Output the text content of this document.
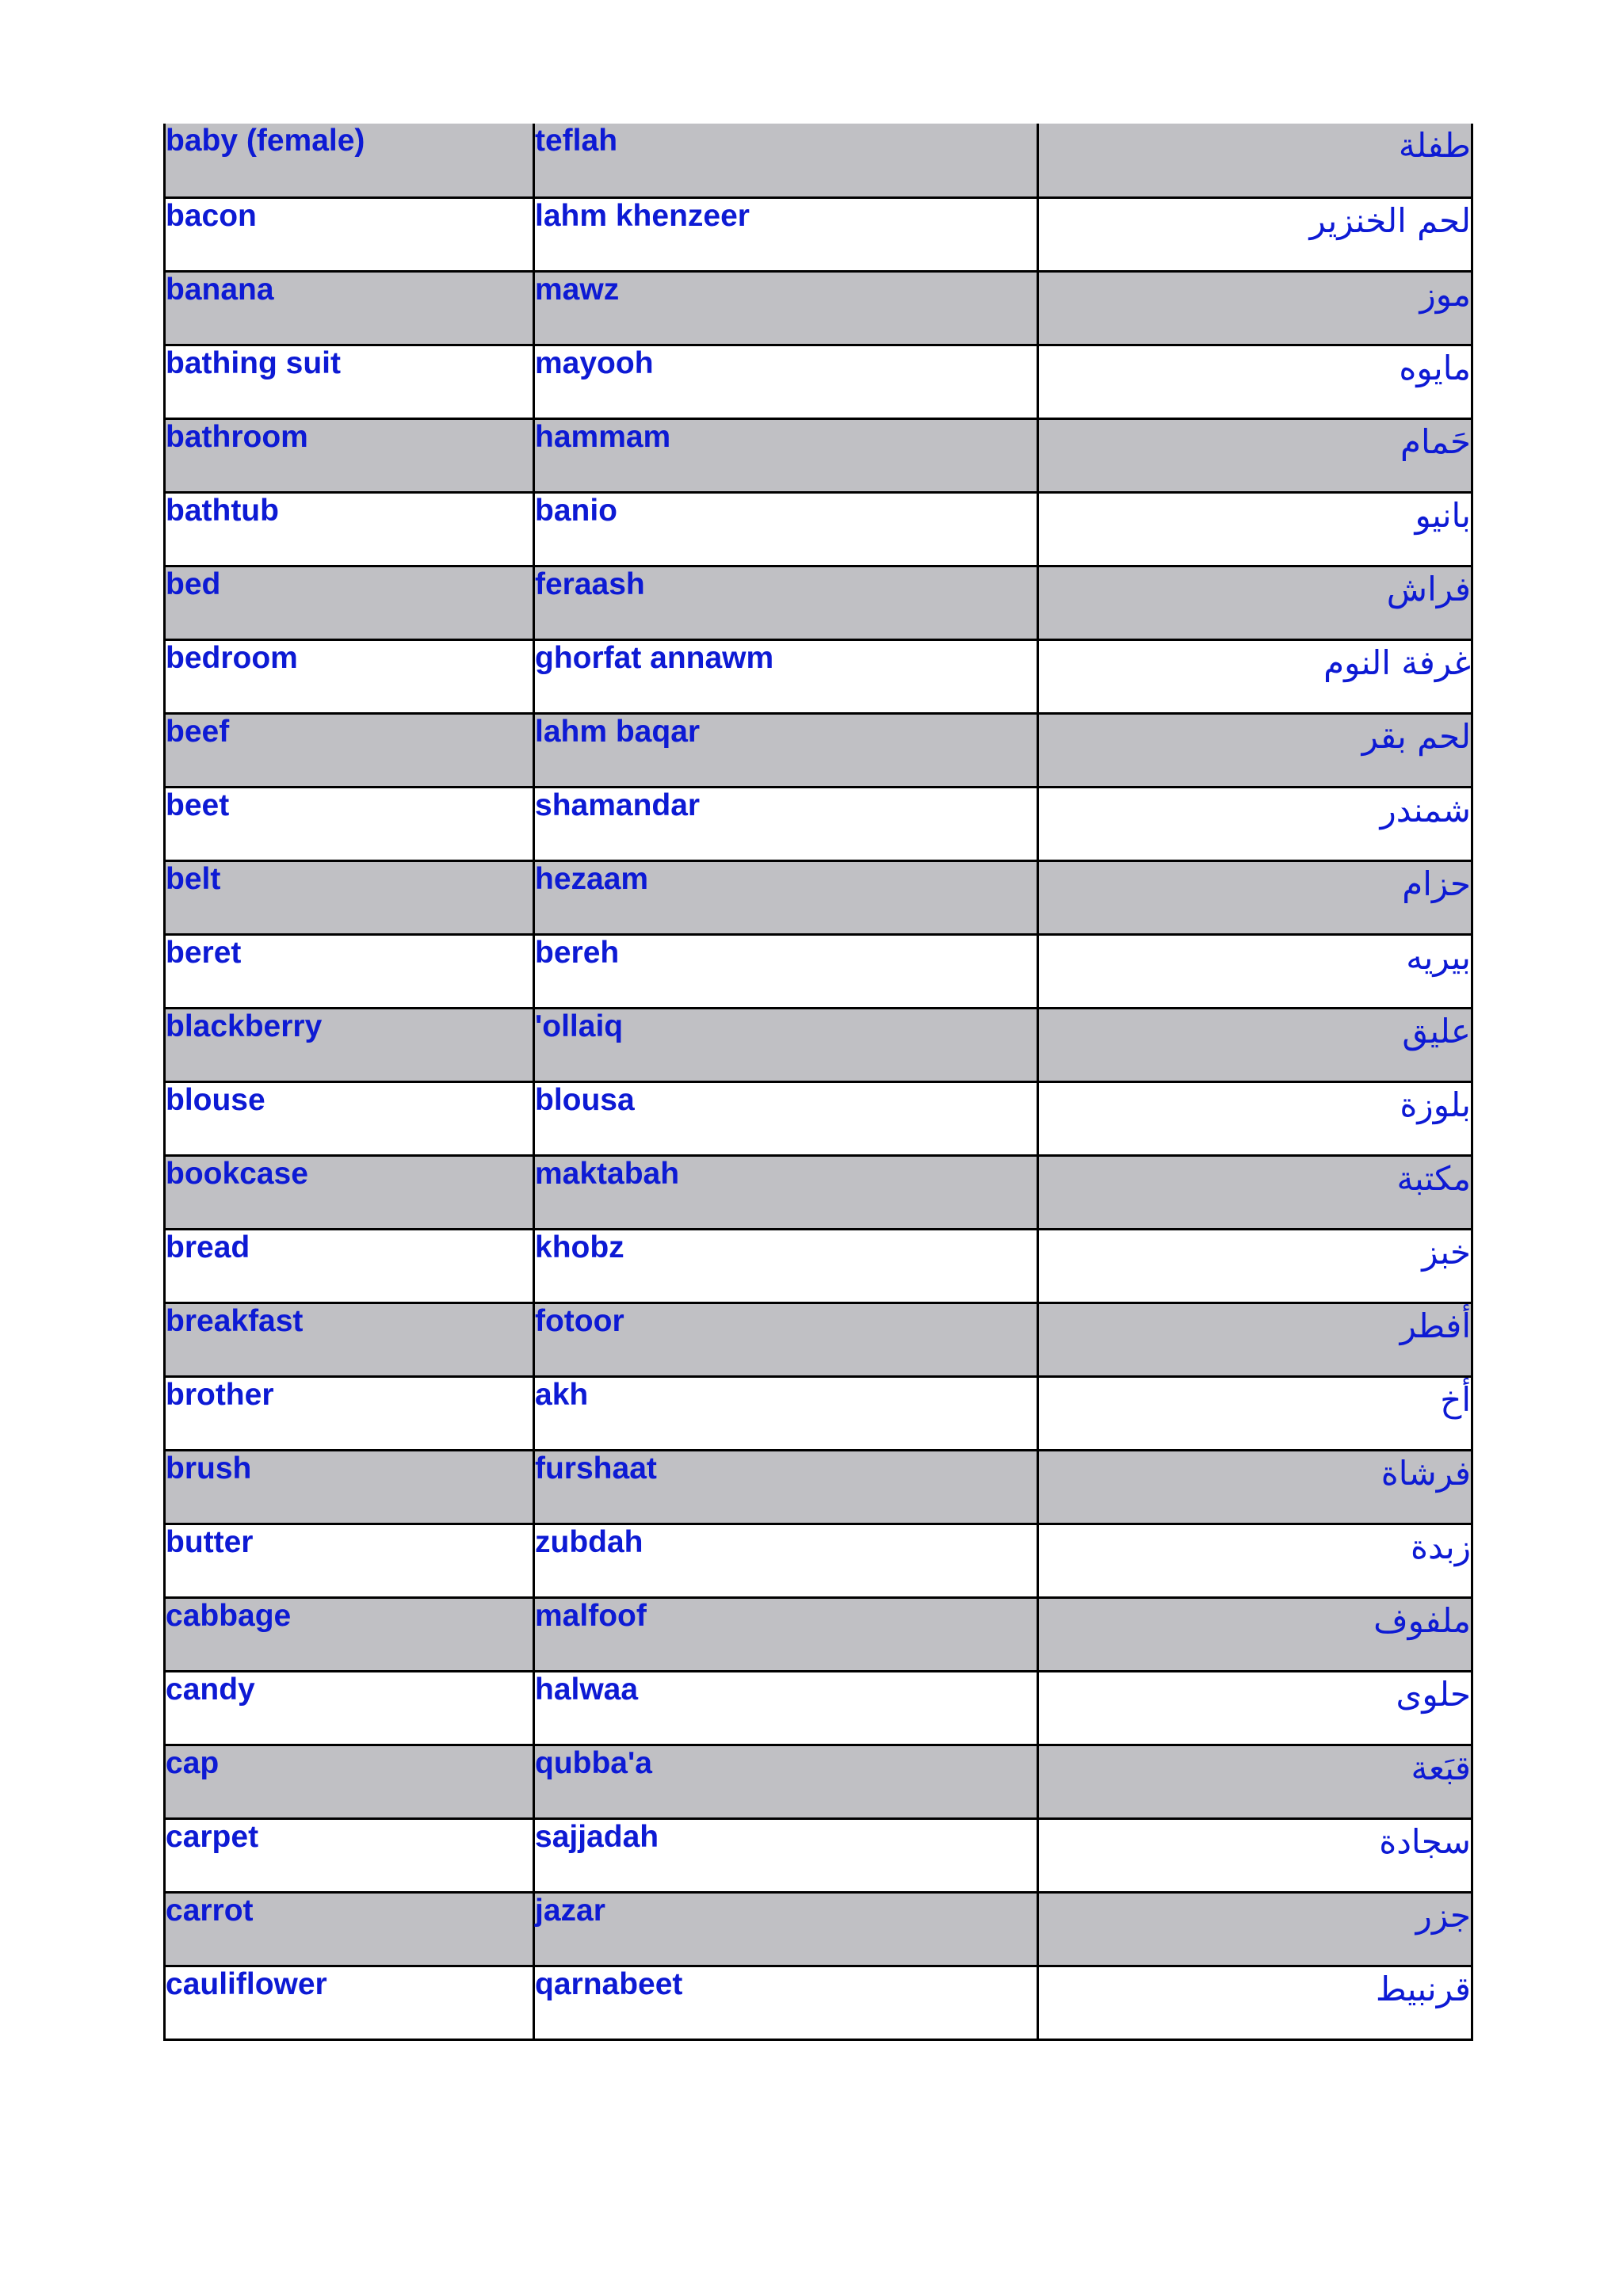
baby (female)	teflah	طفلة
bacon	lahm khenzeer	لحم الخنزير
banana	mawz	موز
bathing suit	mayooh	مايوه
bathroom	hammam	حَمام
bathtub	banio	بانيو
bed	feraash	فراش
bedroom	ghorfat annawm	غرفة النوم
beef	lahm baqar	لحم بقر
beet	shamandar	شمندر
belt	hezaam	حزام
beret	bereh	بيريه
blackberry	'ollaiq	عليق
blouse	blousa	بلوزة
bookcase	maktabah	مكتبة
bread	khobz	خبز
breakfast	fotoor	أفطر
brother	akh	أخ
brush	furshaat	فرشاة
butter	zubdah	زبدة
cabbage	malfoof	ملفوف
candy	halwaa	حلوى
cap	qubba'a	قبَعة
carpet	sajjadah	سجادة
carrot	jazar	جزر
cauliflower	qarnabeet	قرنبيط
